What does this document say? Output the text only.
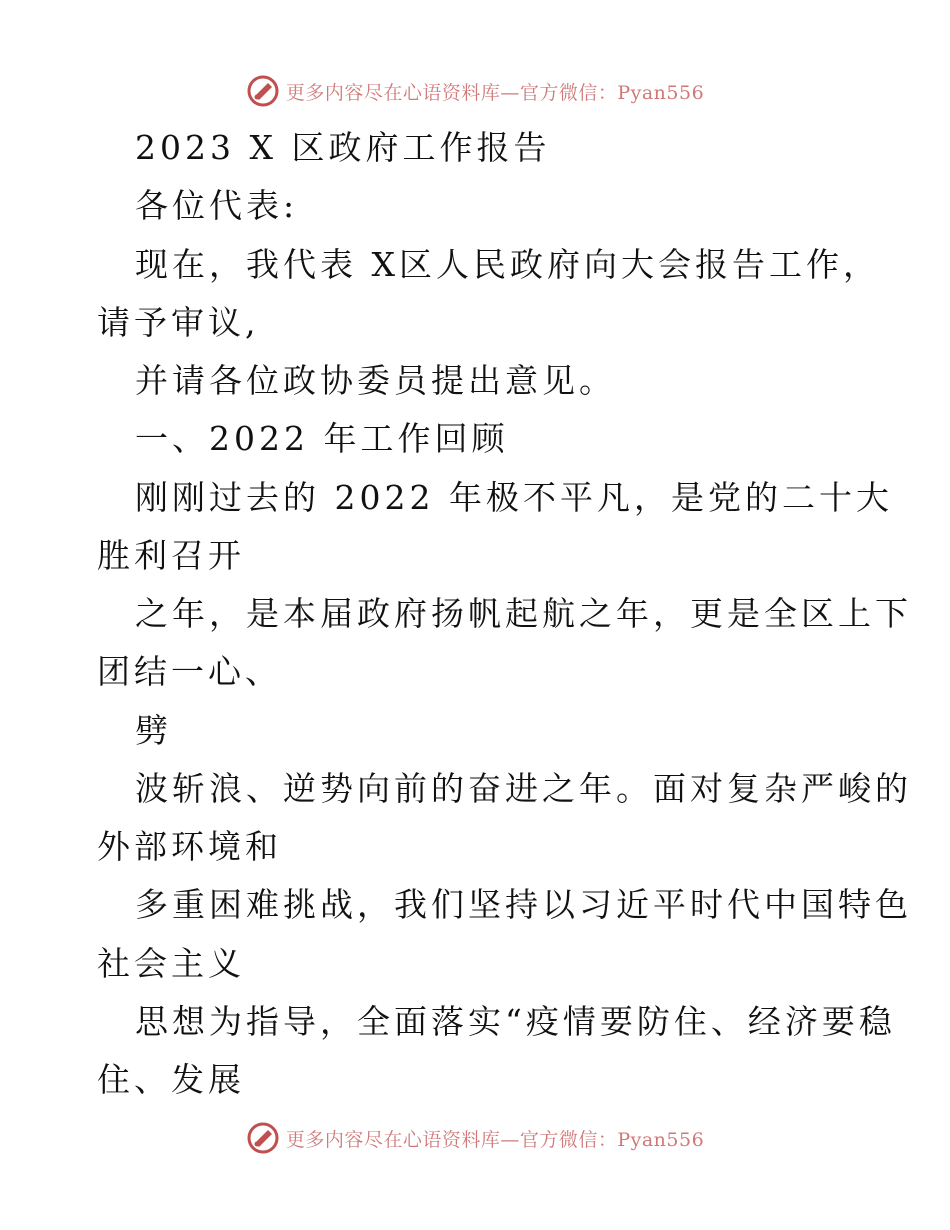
更多内容尽在心语资料库—官方微信：Pyan556
2023 X 区政府工作报告
各位代表:
现在，我代表 X区人民政府向大会报告工作，
请予审议,
并请各位政协委员提出意见。
一、2022 年工作回顾
刚刚过去的 2022 年极不平凡，是党的二十大
胜利召开
之年，是本届政府扬帆起航之年，更是全区上下
团结一心、
劈
波斩浪、逆势向前的奋进之年。面对复杂严峻的
外部环境和
多重困难挑战，我们坚持以习近平时代中国特色
社会主义
思想为指导，全面落实“疫情要防住、经济要稳
住、发展
更多内容尽在心语资料库—官方微信：Pyan556
